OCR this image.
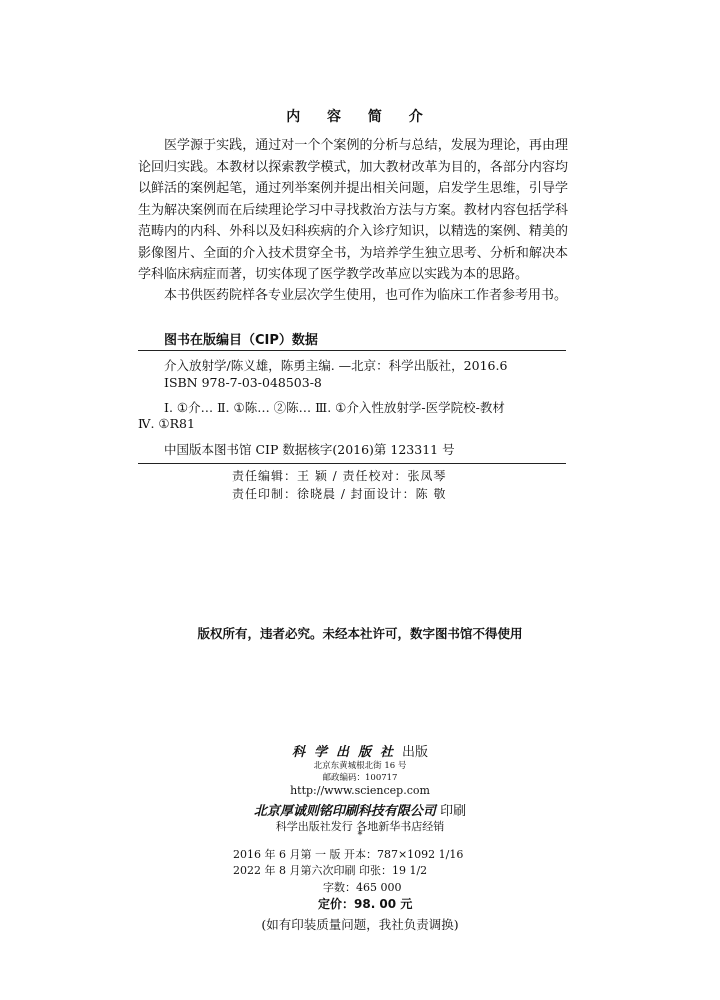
内 容 简 介
医学源于实践，通过对一个个案例的分析与总结，发展为理论，再由理论回归实践。本教材以探索教学模式，加大教材改革为目的，各部分内容均以鲜活的案例起笔，通过列举案例并提出相关问题，启发学生思维，引导学生为解决案例而在后续理论学习中寻找救治方法与方案。教材内容包括学科范畴内的内科、外科以及妇科疾病的介入诊疗知识，以精选的案例、精美的影像图片、全面的介入技术贯穿全书，为培养学生独立思考、分析和解决本学科临床病症而著，切实体现了医学教学改革应以实践为本的思路。
本书供医药院样各专业层次学生使用，也可作为临床工作者参考用书。
图书在版编目（CIP）数据
介入放射学/陈义雄，陈勇主编. —北京：科学出版社，2016.6
ISBN 978-7-03-048503-8
Ⅰ. ①介… Ⅱ. ①陈… ②陈… Ⅲ. ①介入性放射学-医学院校-教材
Ⅳ. ①R81
中国版本图书馆 CIP 数据核字(2016)第 123311 号
责任编辑：王 颖 / 责任校对：张凤琴
责任印制：徐晓晨 / 封面设计：陈 敬
版权所有，违者必究。未经本社许可，数字图书馆不得使用
科学出版社出版
北京东黄城根北街 16 号
邮政编码：100717
http://www.sciencep.com
北京厚诚则铭印刷科技有限公司 印刷
科学出版社发行 各地新华书店经销
*
2016 年 6 月第 一 版 开本：787×1092 1/16
2022 年 8 月第六次印刷 印张：19 1/2
字数：465 000
定价：98. 00 元
(如有印装质量问题，我社负责调换)
